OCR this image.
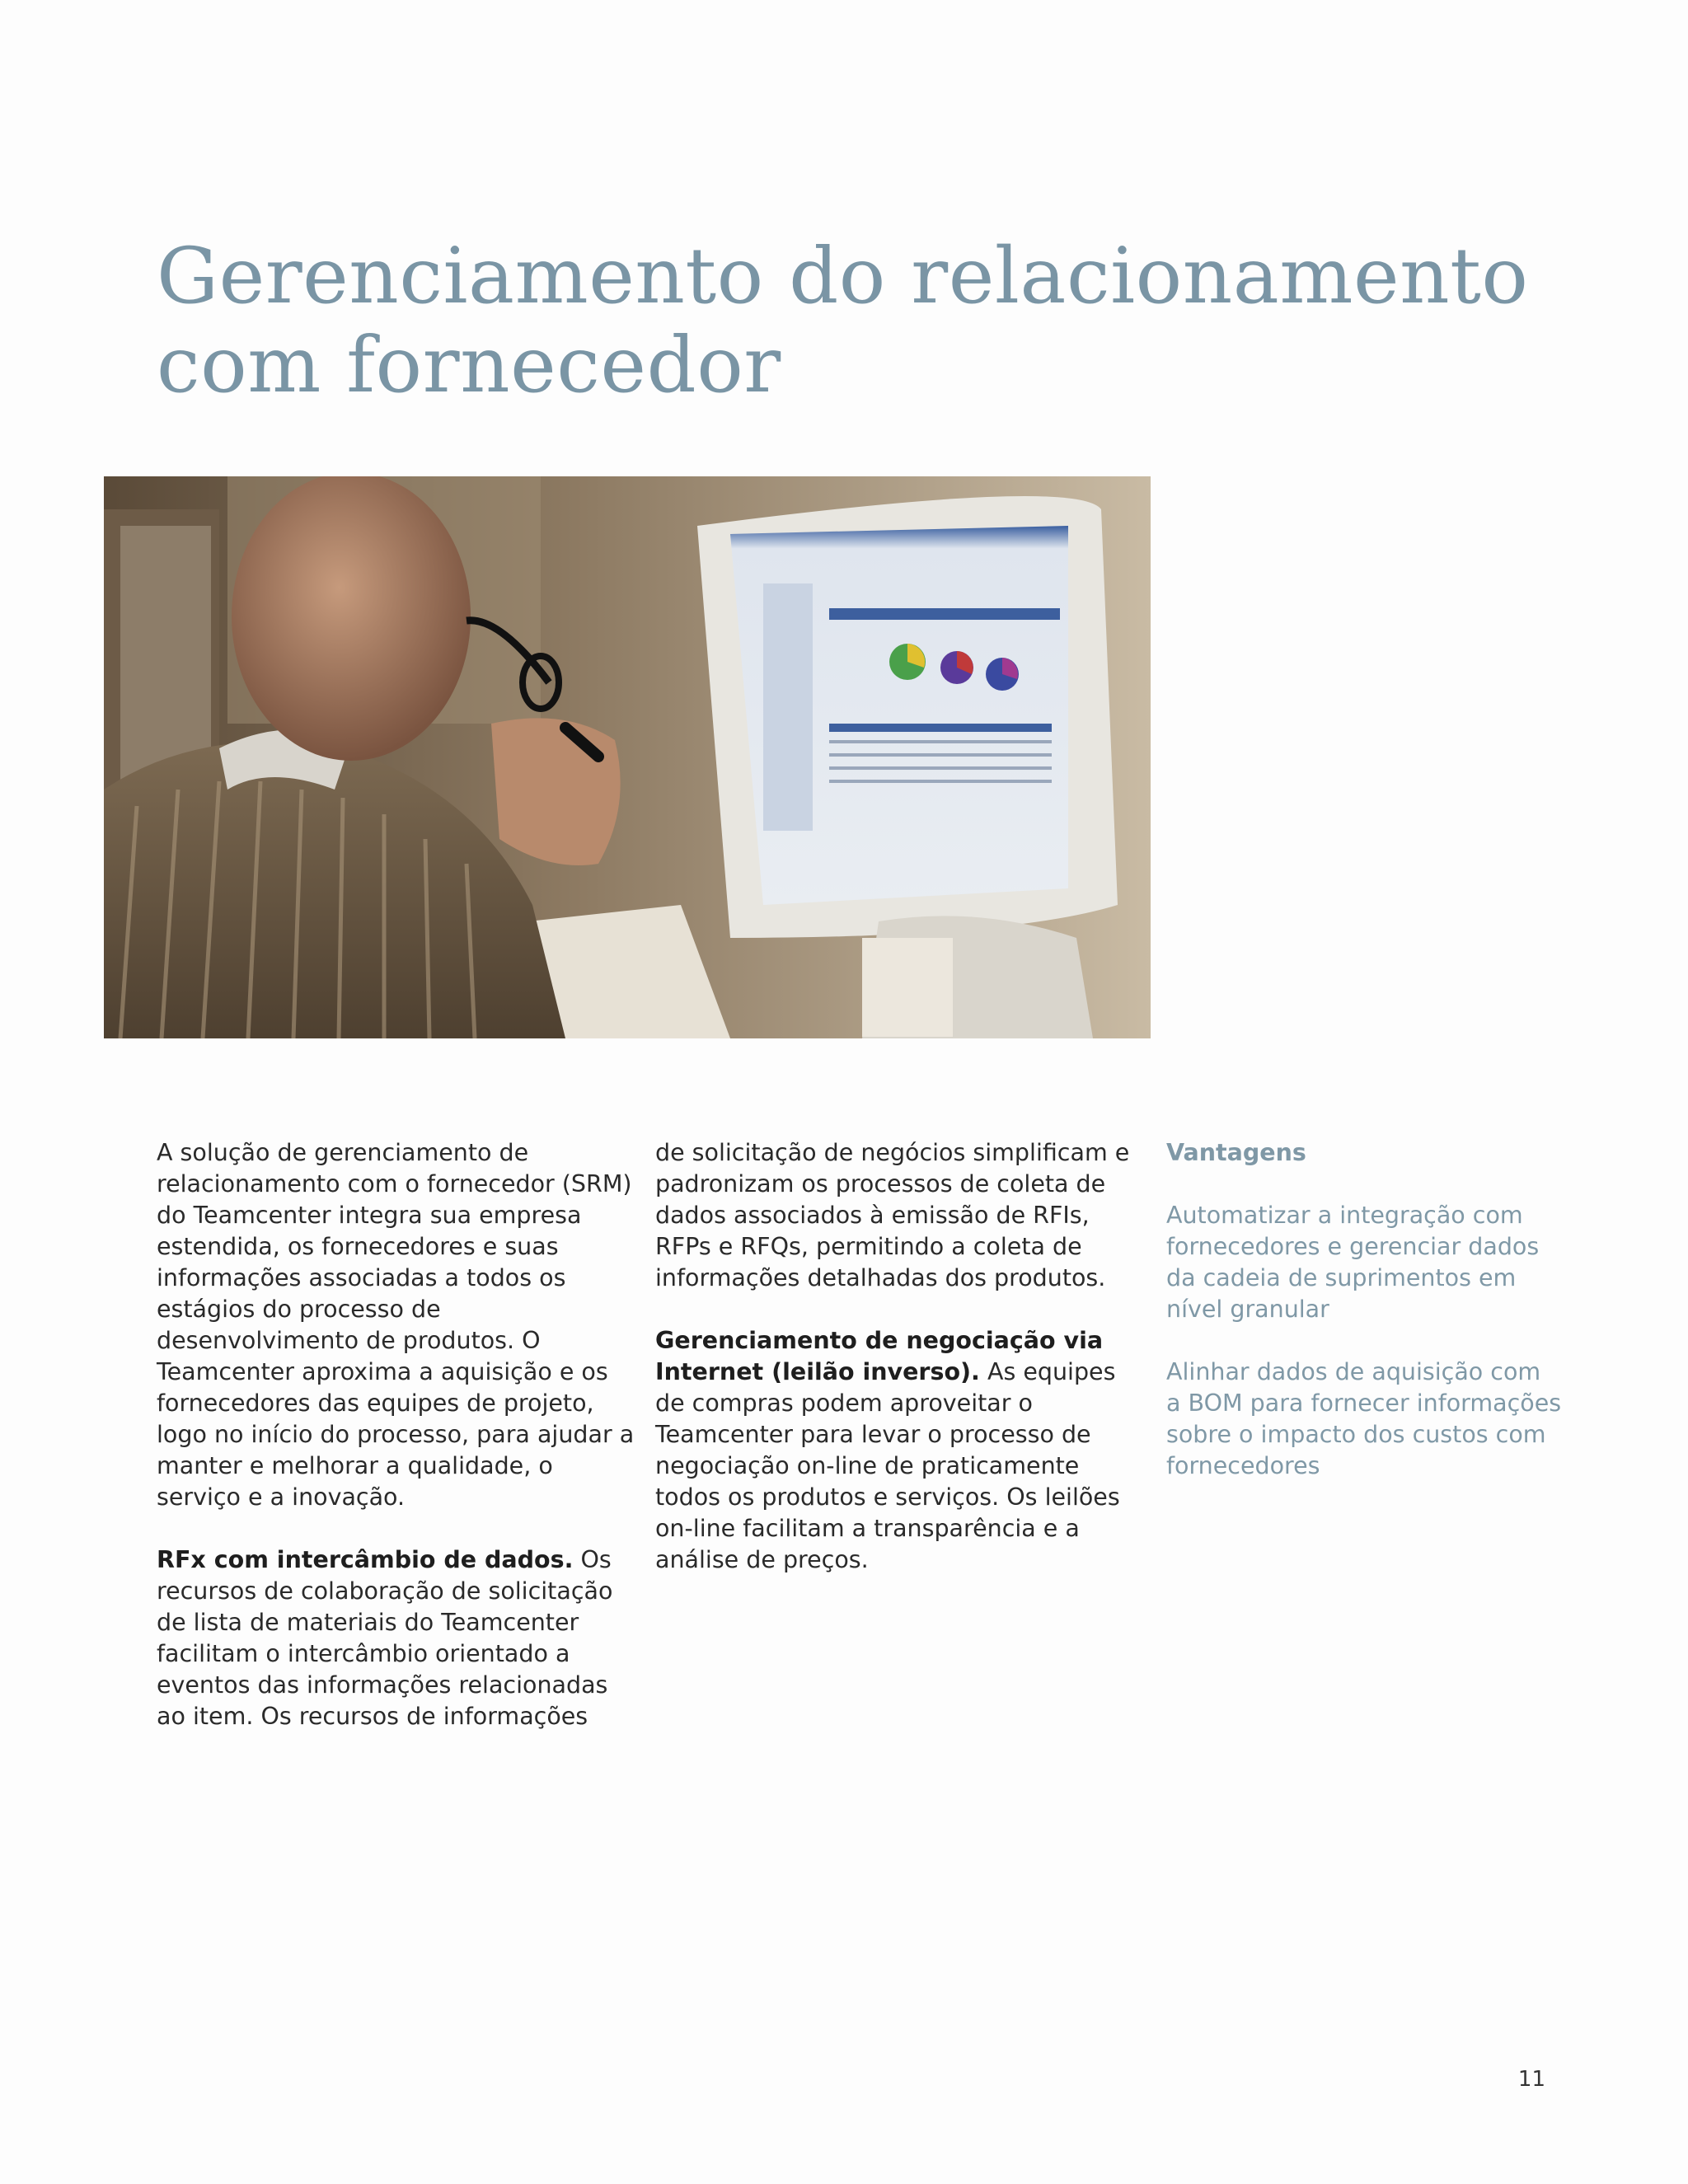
Gerenciamento do relacionamento
com fornecedor

A solução de gerenciamento de relacionamento com o fornecedor (SRM) do Teamcenter integra sua empresa estendida, os fornecedores e suas informações associadas a todos os estágios do processo de desenvolvimento de produtos. O Teamcenter aproxima a aquisição e os fornecedores das equipes de projeto, logo no início do processo, para ajudar a manter e melhorar a qualidade, o serviço e a inovação.

RFx com intercâmbio de dados. Os recursos de colaboração de solicitação de lista de materiais do Teamcenter facilitam o intercâmbio orientado a eventos das informações relacionadas ao item. Os recursos de informações

de solicitação de negócios simplificam e padronizam os processos de coleta de dados associados à emissão de RFIs, RFPs e RFQs, permitindo a coleta de informações detalhadas dos produtos.

Gerenciamento de negociação via Internet (leilão inverso). As equipes de compras podem aproveitar o Teamcenter para levar o processo de negociação on-line de praticamente todos os produtos e serviços. Os leilões on-line facilitam a transparência e a análise de preços.

Vantagens

Automatizar a integração com fornecedores e gerenciar dados da cadeia de suprimentos em nível granular

Alinhar dados de aquisição com a BOM para fornecer informações sobre o impacto dos custos com fornecedores

11
